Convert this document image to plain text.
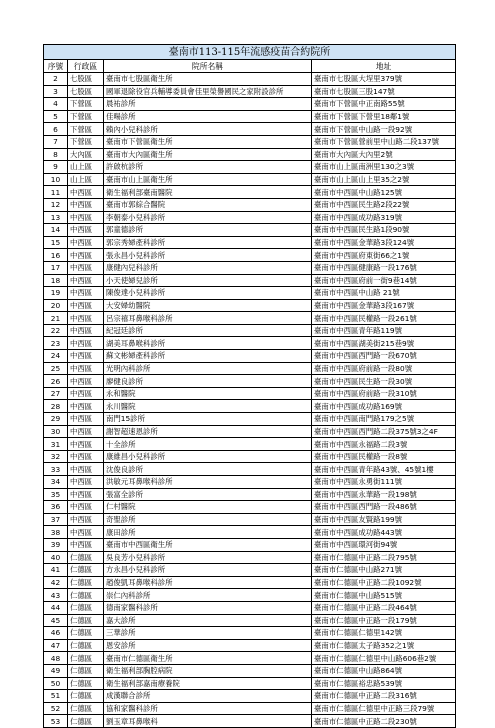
臺南市113-115年流感疫苗合約院所			
序號	行政區	院所名稱	地址
2	七股區	臺南市七股區衛生所	臺南市七股區大埕里379號
3	七股區	國軍退除役官兵輔導委員會佳里榮譽國民之家附設診所	臺南市七股區三股147號
4	下營區	晨祐診所	臺南市下營區中正南路55號
5	下營區	佳暘診所	臺南市下營區下營里18鄰1號
6	下營區	賴內小兒科診所	臺南市下營區中山路一段92號
7	下營區	臺南市下營區衛生所	臺南市下營區營前里中山路二段137號
8	大內區	臺南市大內區衛生所	臺南市大內區大內里2號
9	山上區	許啟杭診所	臺南市山上區南洲里130之3號
10	山上區	臺南市山上區衛生所	臺南市山上區山上里35之2號
11	中西區	衛生福利部臺南醫院	臺南市中西區中山路125號
12	中西區	臺南市郭綜合醫院	臺南市中西區民生路2段22號
13	中西區	李朝泰小兒科診所	臺南市中西區成功路319號
14	中西區	郭童德診所	臺南市中西區民生路1段90號
15	中西區	郭宗秀婦產科診所	臺南市中西區金華路3段124號
16	中西區	張永昌小兒科診所	臺南市中西區府東街66之1號
17	中西區	康健內兒科診所	臺南市中西區健康路一段176號
18	中西區	小天使婦兒診所	臺南市中西區府前一街9巷14號
19	中西區	陳俊達小兒科診所	臺南市中西區中山路 21號
20	中西區	大安婦幼醫院	臺南市中西區金華路3段167號
21	中西區	呂宗禧耳鼻喉科診所	臺南市中西區民權路一段261號
22	中西區	紀冠廷診所	臺南市中西區青年路119號
23	中西區	湖美耳鼻喉科診所	臺南市中西區湖美街215巷9號
24	中西區	蘇文彬婦產科診所	臺南市中西區西門路一段670號
25	中西區	光明內科診所	臺南市中西區府前路一段80號
26	中西區	廖健良診所	臺南市中西區民生路一段30號
27	中西區	永和醫院	臺南市中西區府前路一段310號
28	中西區	永川醫院	臺南市中西區成功路169號
29	中西區	南門15診所	臺南市中西區南門路179之5號
30	中西區	謝智超速恩診所	臺南市中西區西門路二段375號3之4F
31	中西區	十全診所	臺南市中西區永福路二段3號
32	中西區	康維昌小兒科診所	臺南市中西區民權路一段8號
33	中西區	沈俊良診所	臺南市中西區青年路43號、45號1樓
34	中西區	洪敏元耳鼻喉科診所	臺南市中西區永勇街111號
35	中西區	張富全診所	臺南市中西區永華路一段198號
36	中西區	仁村醫院	臺南市中西區西門路一段486號
37	中西區	奇聖診所	臺南市中西區友賢路199號
38	中西區	康田診所	臺南市中西區成功路443號
39	中西區	臺南市中西區衛生所	臺南市中西區環河街94號
40	仁德區	吳良芳小兒科診所	臺南市仁德區中正路二段795號
41	仁德區	方永昌小兒科診所	臺南市仁德區中山路271號
42	仁德區	趙俊凱耳鼻喉科診所	臺南市仁德區中正路二段1092號
43	仁德區	崇仁內科診所	臺南市仁德區中山路515號
44	仁德區	德南家醫科診所	臺南市仁德區中正路二段464號
45	仁德區	嘉大診所	臺南市仁德區中正路一段179號
46	仁德區	三華診所	臺南市仁德區仁德里142號
47	仁德區	恩安診所	臺南市仁德區太子路352之1號
48	仁德區	臺南市仁德區衛生所	臺南市仁德區仁德里中山路606巷2號
49	仁德區	衛生福利部胸腔病院	臺南市仁德區中山路864號
50	仁德區	衛生福利部嘉南療養院	臺南市仁德區裕忠路539號
51	仁德區	成漢聯合診所	臺南市仁德區中正路二段316號
52	仁德區	協和家醫科診所	臺南市仁德區仁德里中正路三段79號
53	仁德區	劉玉章耳鼻喉科	臺南市仁德區中正路二段230號
